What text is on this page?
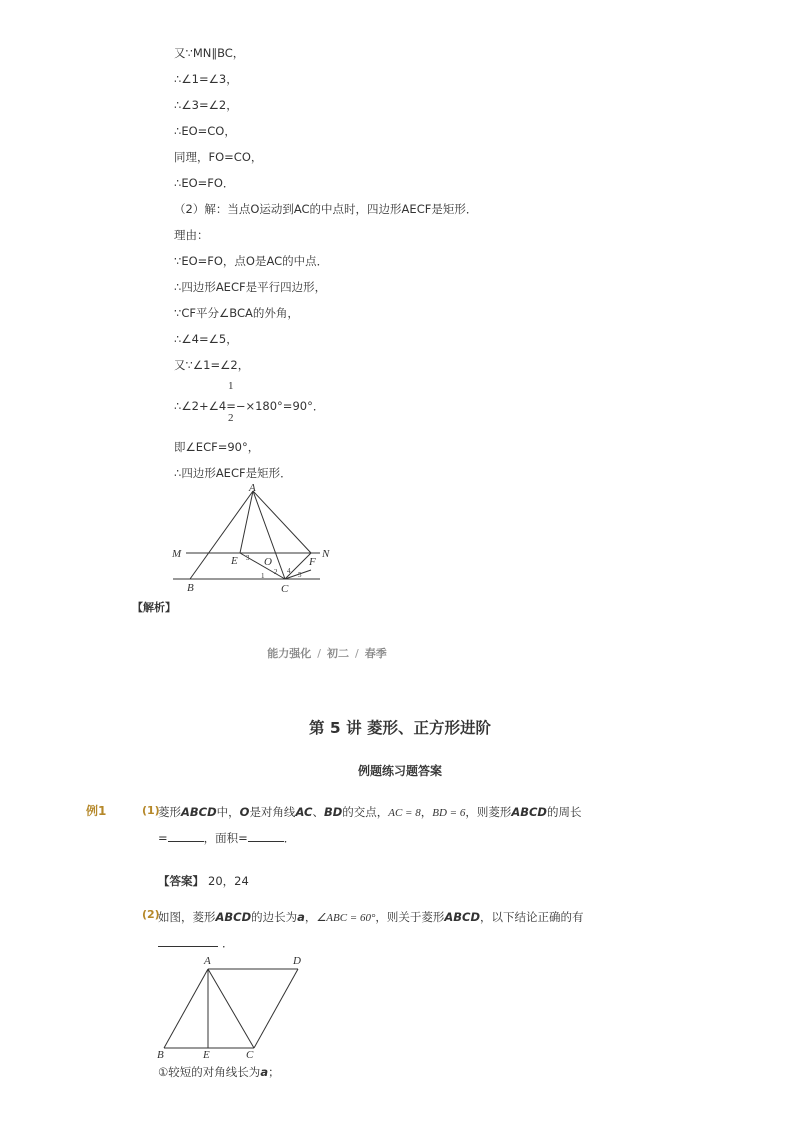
又∵MN∥BC，
∴∠1=∠3，
∴∠3=∠2，
∴EO=CO，
同理，FO=CO，
∴EO=FO．
（2）解：当点O运动到AC的中点时，四边形AECF是矩形．
理由：
∵EO=FO，点O是AC的中点．
∴四边形AECF是平行四边形，
∵CF平分∠BCA的外角，
∴∠4=∠5，
又∵∠1=∠2，
1
∴∠2+∠4=−×180°=90°．
2
即∠ECF=90°，
∴四边形AECF是矩形．
A
M	N
E O	F
B	C
1 2
3
4 5
【解析】
能力强化 / 初二 / 春季
第 5 讲 菱形、正方形进阶
例题练习题答案
例1	(1)
菱形ABCD中，O是对角线AC、BD的交点，AC = 8，BD = 6，则菱形ABCD的周长
=	，面积=	．
【答案】 20，24
(2)
如图，菱形ABCD的边长为a，∠ABC = 60°，则关于菱形ABCD，以下结论正确的有
．
A	D
B	E	C
①较短的对角线长为a；
